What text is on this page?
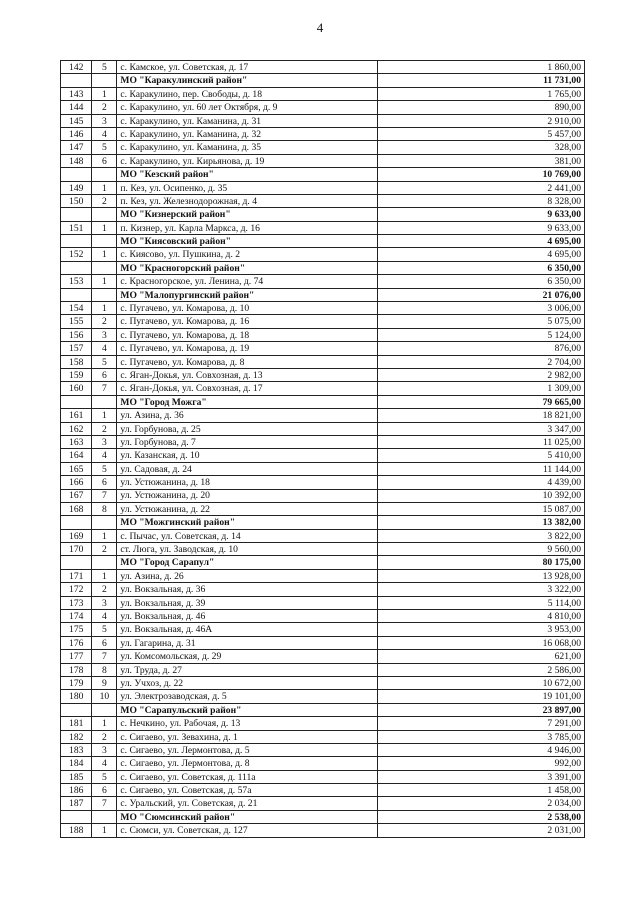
4
142	5	с. Камское, ул. Советская, д. 17	1 860,00
		МО "Каракулинский район"	11 731,00
143	1	с. Каракулино, пер. Свободы, д. 18	1 765,00
144	2	с. Каракулино, ул. 60 лет Октября, д. 9	890,00
145	3	с. Каракулино, ул. Каманина, д. 31	2 910,00
146	4	с. Каракулино, ул. Каманина, д. 32	5 457,00
147	5	с. Каракулино, ул. Каманина, д. 35	328,00
148	6	с. Каракулино, ул. Кирьянова, д. 19	381,00
		МО "Кезский район"	10 769,00
149	1	п. Кез, ул. Осипенко, д. 35	2 441,00
150	2	п. Кез, ул. Железнодорожная, д. 4	8 328,00
		МО "Кизнерский район"	9 633,00
151	1	п. Кизнер, ул. Карла Маркса, д. 16	9 633,00
		МО "Киясовский район"	4 695,00
152	1	с. Киясово, ул. Пушкина, д. 2	4 695,00
		МО "Красногорский район"	6 350,00
153	1	с. Красногорское, ул. Ленина, д. 74	6 350,00
		МО "Малопургинский район"	21 076,00
154	1	с. Пугачево, ул. Комарова, д. 10	3 006,00
155	2	с. Пугачево, ул. Комарова, д. 16	5 075,00
156	3	с. Пугачево, ул. Комарова, д. 18	5 124,00
157	4	с. Пугачево, ул. Комарова, д. 19	876,00
158	5	с. Пугачево, ул. Комарова, д. 8	2 704,00
159	6	с. Яган-Докья, ул. Совхозная, д. 13	2 982,00
160	7	с. Яган-Докья, ул. Совхозная, д. 17	1 309,00
		МО "Город Можга"	79 665,00
161	1	ул. Азина, д. 36	18 821,00
162	2	ул. Горбунова, д. 25	3 347,00
163	3	ул. Горбунова, д. 7	11 025,00
164	4	ул. Казанская, д. 10	5 410,00
165	5	ул. Садовая, д. 24	11 144,00
166	6	ул. Устюжанина, д. 18	4 439,00
167	7	ул. Устюжанина, д. 20	10 392,00
168	8	ул. Устюжанина, д. 22	15 087,00
		МО "Можгинский район"	13 382,00
169	1	с. Пычас, ул. Советская, д. 14	3 822,00
170	2	ст. Люга, ул. Заводская, д. 10	9 560,00
		МО "Город Сарапул"	80 175,00
171	1	ул. Азина, д. 26	13 928,00
172	2	ул. Вокзальная, д. 36	3 322,00
173	3	ул. Вокзальная, д. 39	5 114,00
174	4	ул. Вокзальная, д. 46	4 810,00
175	5	ул. Вокзальная, д. 46А	3 953,00
176	6	ул. Гагарина, д. 31	16 068,00
177	7	ул. Комсомольская, д. 29	621,00
178	8	ул. Труда, д. 27	2 586,00
179	9	ул. Учхоз, д. 22	10 672,00
180	10	ул. Электрозаводская, д. 5	19 101,00
		МО "Сарапульский район"	23 897,00
181	1	с. Нечкино, ул. Рабочая, д. 13	7 291,00
182	2	с. Сигаево, ул. Зевахина, д. 1	3 785,00
183	3	с. Сигаево, ул. Лермонтова, д. 5	4 946,00
184	4	с. Сигаево, ул. Лермонтова, д. 8	992,00
185	5	с. Сигаево, ул. Советская, д. 111а	3 391,00
186	6	с. Сигаево, ул. Советская, д. 57а	1 458,00
187	7	с. Уральский, ул. Советская, д. 21	2 034,00
		МО "Сюмсинский район"	2 538,00
188	1	с. Сюмси, ул. Советская, д. 127	2 031,00
